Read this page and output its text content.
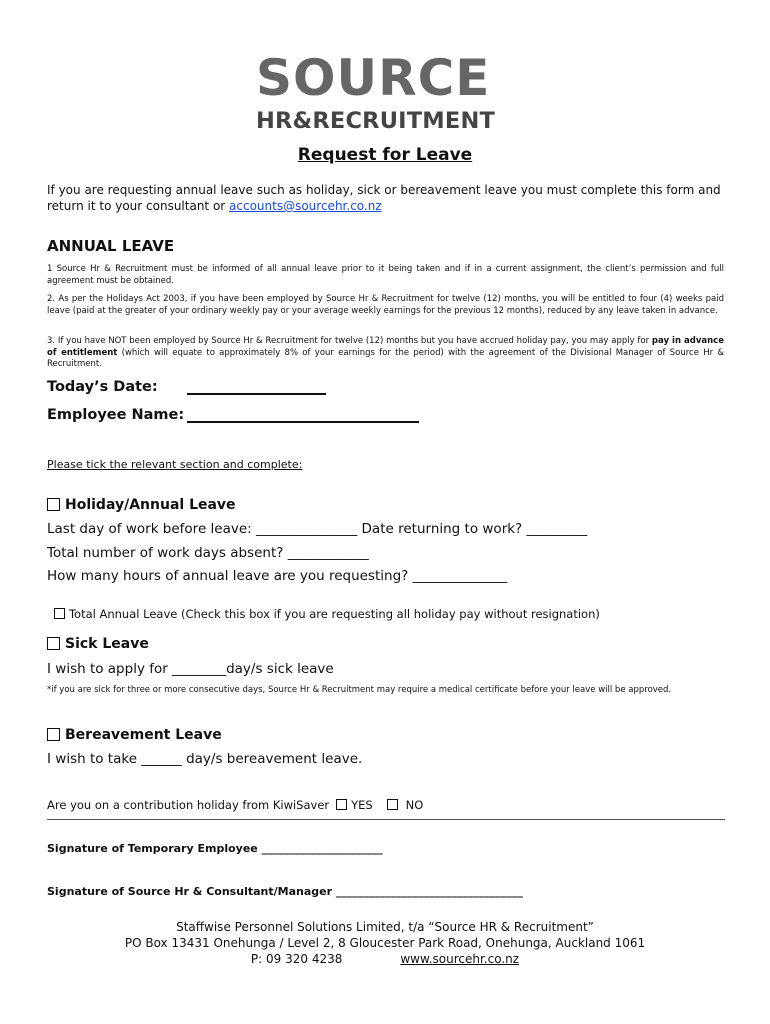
SOURCE
HR&RECRUITMENT
Request for Leave
If you are requesting annual leave such as holiday, sick or bereavement leave you must complete this form and return it to your consultant or accounts@sourcehr.co.nz
ANNUAL LEAVE
1 Source Hr & Recruitment must be informed of all annual leave prior to it being taken and if in a current assignment, the client’s permission and full agreement must be obtained.
2. As per the Holidays Act 2003, if you have been employed by Source Hr & Recruitment for twelve (12) months, you will be entitled to four (4) weeks paid leave (paid at the greater of your ordinary weekly pay or your average weekly earnings for the previous 12 months), reduced by any leave taken in advance.
3. If you have NOT been employed by Source Hr & Recruitment for twelve (12) months but you have accrued holiday pay, you may apply for pay in advance of entitlement (which will equate to approximately 8% of your earnings for the period) with the agreement of the Divisional Manager of Source Hr & Recruitment.
Today’s Date:
Employee Name:
Please tick the relevant section and complete:
Holiday/Annual Leave
Last day of work before leave: _______________ Date returning to work? _________
Total number of work days absent? ____________
How many hours of annual leave are you requesting? ______________

Total Annual Leave (Check this box if you are requesting all holiday pay without resignation)

Sick Leave
I wish to apply for ________day/s sick leave
*if you are sick for three or more consecutive days, Source Hr & Recruitment may require a medical certificate before your leave will be approved.
Bereavement Leave
I wish to take ______ day/s bereavement leave.
Are you on a contribution holiday from KiwiSaver YES	NO
Signature of Temporary Employee ______________________
Signature of Source Hr & Consultant/Manager __________________________________
Staffwise Personnel Solutions Limited, t/a “Source HR & Recruitment”
PO Box 13431 Onehunga / Level 2, 8 Gloucester Park Road, Onehunga, Auckland 1061
P: 09 320 4238	www.sourcehr.co.nz
